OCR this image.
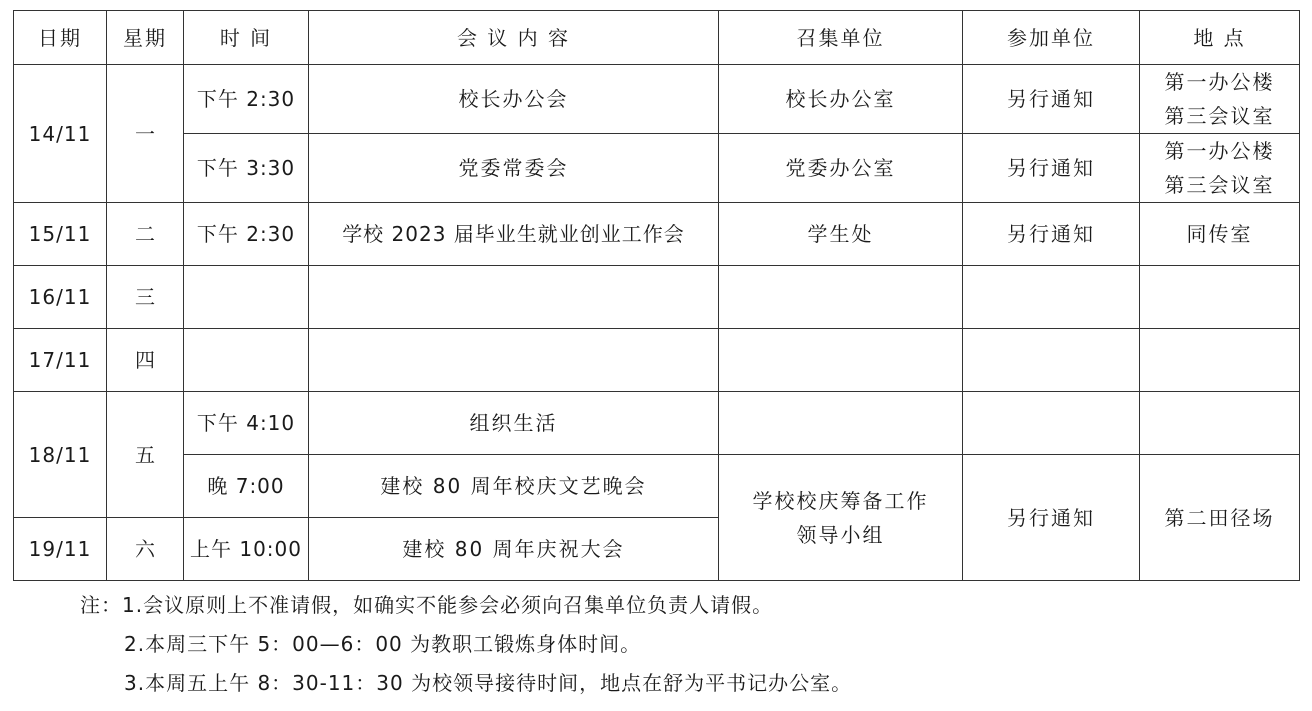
日期	星期	时 间	会 议 内 容	召集单位	参加单位	地 点
14/11	一	下午 2:30	校长办公会	校长办公室	另行通知	第一办公楼
第三会议室

		下午 3:30	党委常委会	党委办公室	另行通知	第一办公楼
第三会议室

15/11	二	下午 2:30	学校 2023 届毕业生就业创业工作会	学生处	另行通知	同传室
16/11	三					
17/11	四					
18/11	五	下午 4:10	组织生活			
		晚 7:00	建校 80 周年校庆文艺晚会	学校校庆筹备工作
领导小组	另行通知	第二田径场
19/11	六	上午 10:00	建校 80 周年庆祝大会			
注：1.会议原则上不准请假，如确实不能参会必须向召集单位负责人请假。
2.本周三下午 5：00—6：00 为教职工锻炼身体时间。
3.本周五上午 8：30-11：30 为校领导接待时间，地点在舒为平书记办公室。
